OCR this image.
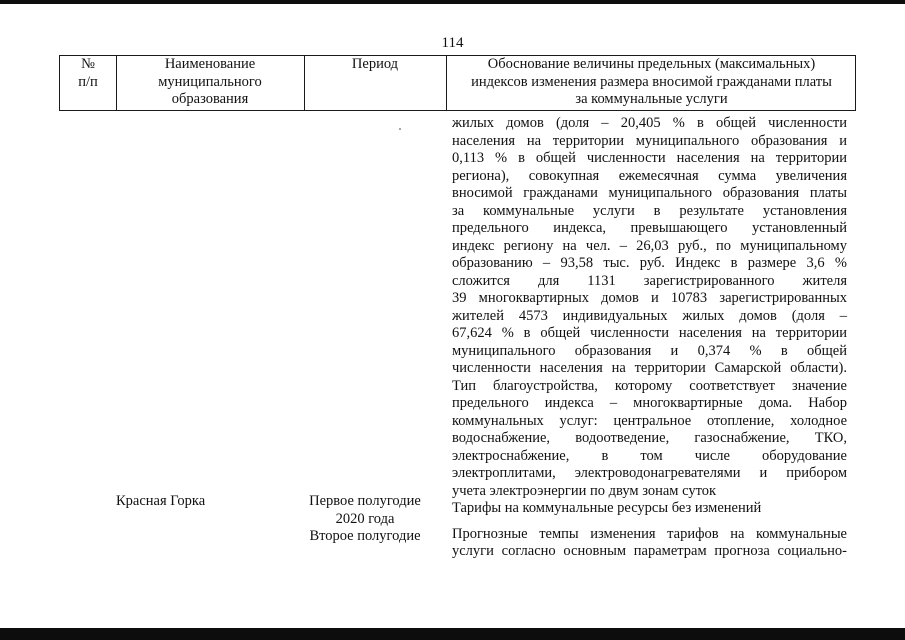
114
№
п/п
Наименование
муниципального
образования
Период	Обоснование величины предельных (максимальных)
индексов изменения размера вносимой гражданами платы
за коммунальные услуги
жилых домов (доля – 20,405 % в общей численности
населения на территории муниципального образования и
0,113 % в общей численности населения на территории
региона), совокупная ежемесячная сумма увеличения
вносимой гражданами муниципального образования платы
за коммунальные услуги в результате установления
предельного индекса, превышающего установленный
индекс региону на чел. – 26,03 руб., по муниципальному
образованию – 93,58 тыс. руб. Индекс в размере 3,6 %
сложится для 1131 зарегистрированного жителя
39 многоквартирных домов и 10783 зарегистрированных
жителей 4573 индивидуальных жилых домов (доля –
67,624 % в общей численности населения на территории
муниципального образования и 0,374 % в общей
численности населения на территории Самарской области).
Тип благоустройства, которому соответствует значение
предельного индекса – многоквартирные дома. Набор
коммунальных услуг: центральное отопление, холодное
водоснабжение, водоотведение, газоснабжение, ТКО,
электроснабжение, в том числе оборудование
электроплитами, электроводонагревателями и прибором
учета электроэнергии по двум зонам суток
Тарифы на коммунальные ресурсы без изменений
Прогнозные темпы изменения тарифов на коммунальные
услуги согласно основным параметрам прогноза социально-
Красная Горка	Первое полугодие
2020 года
Второе полугодие
